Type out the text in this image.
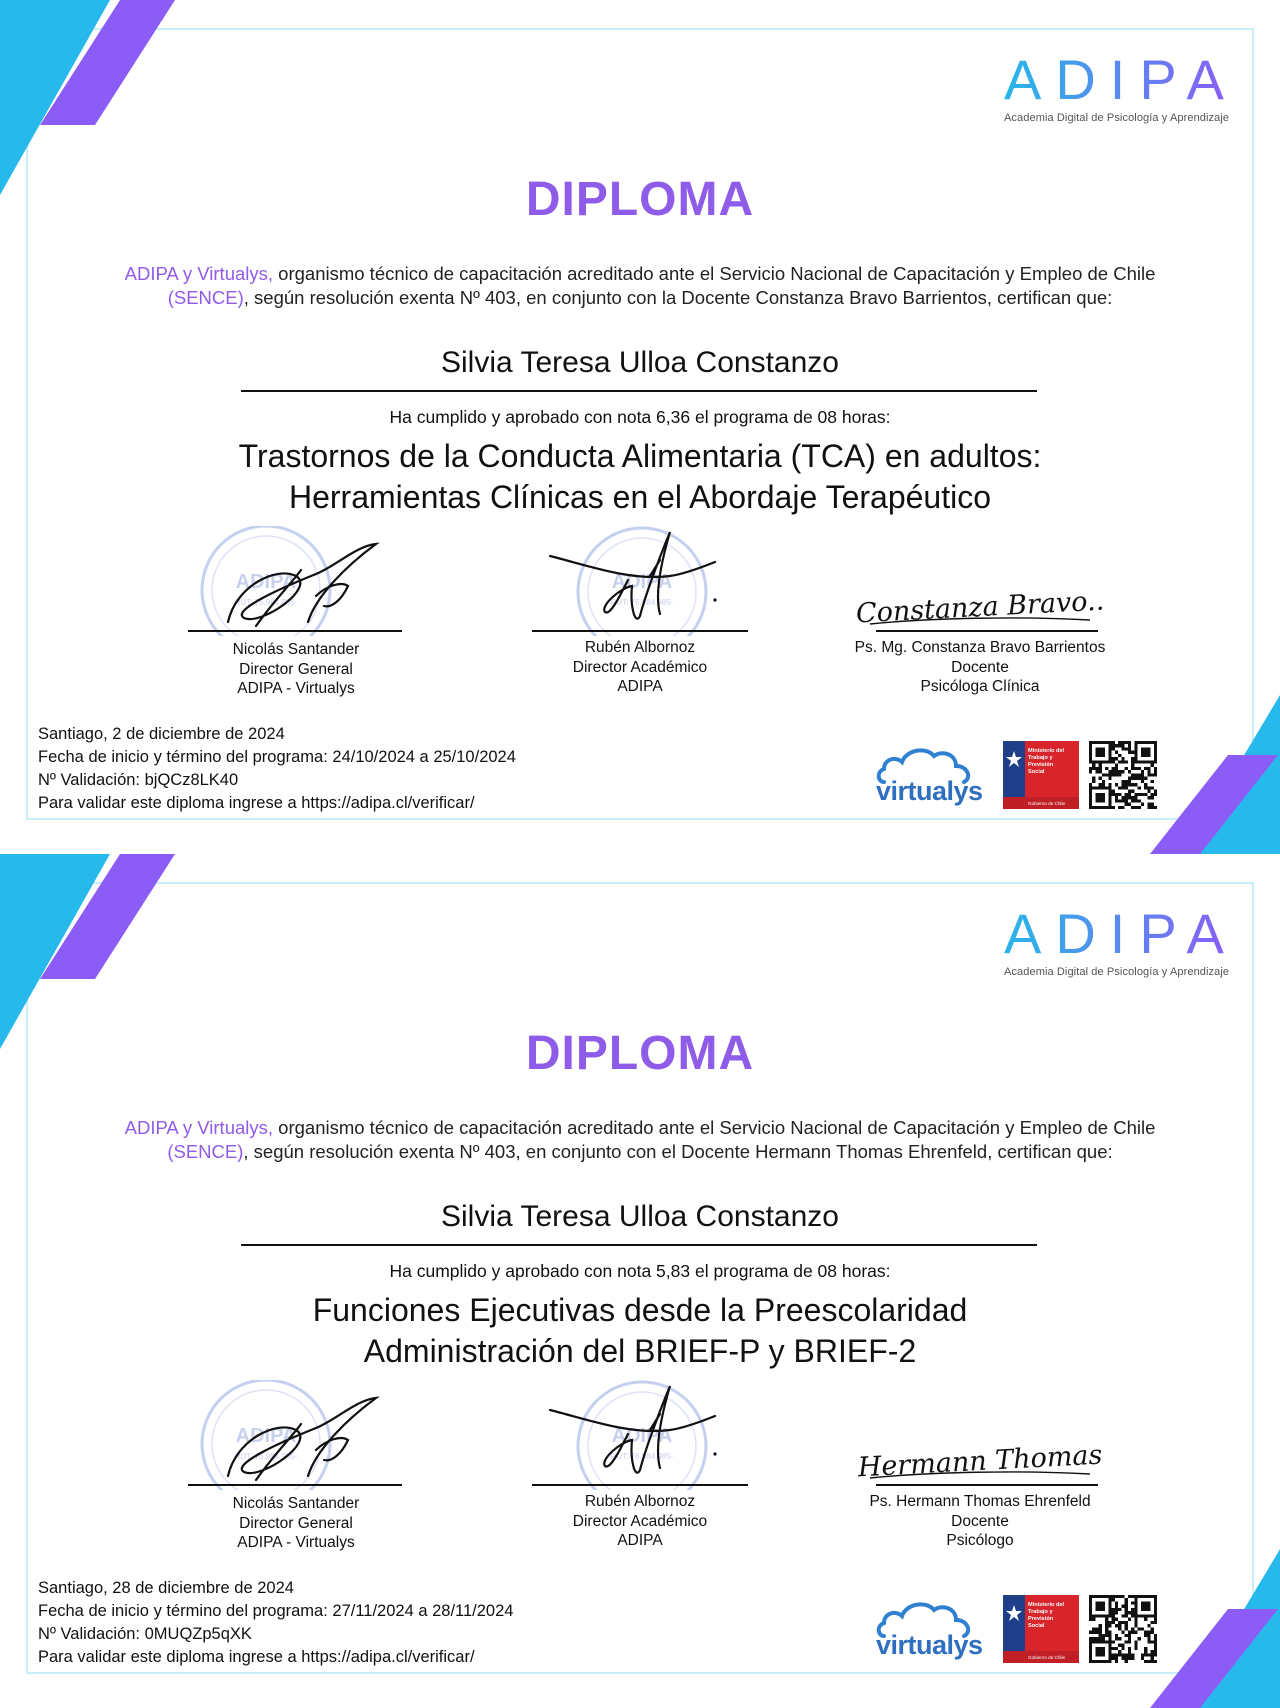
ADIPA
Academia Digital de Psicología y Aprendizaje
DIPLOMA
ADIPA y Virtualys, organismo técnico de capacitación acreditado ante el Servicio Nacional de Capacitación y Empleo de Chile (SENCE), según resolución exenta Nº 403, en conjunto con la Docente Constanza Bravo Barrientos, certifican que:
Silvia Teresa Ulloa Constanzo
Ha cumplido y aprobado con nota 6,36 el programa de 08 horas:
Trastornos de la Conducta Alimentaria (TCA) en adultos:
Herramientas Clínicas en el Abordaje Terapéutico
ADIPA
RUT: 76.984.985-
Nicolás Santander
Director General
ADIPA - Virtualys
ADIPA
RUT: 76.984.985-
Rubén Albornoz
Director Académico
ADIPA
Constanza Bravo..
Ps. Mg. Constanza Bravo Barrientos
Docente
Psicóloga Clínica
Santiago, 2 de diciembre de 2024
Fecha de inicio y término del programa: 24/10/2024 a 25/10/2024
Nº Validación: bjQCz8LK40
Para validar este diploma ingrese a https://adipa.cl/verificar/	virtualys
Ministerio del
Trabajo y
Previsión
Social
Gobierno de Chile
ADIPA
Academia Digital de Psicología y Aprendizaje
DIPLOMA
ADIPA y Virtualys, organismo técnico de capacitación acreditado ante el Servicio Nacional de Capacitación y Empleo de Chile (SENCE), según resolución exenta Nº 403, en conjunto con el Docente Hermann Thomas Ehrenfeld, certifican que:
Silvia Teresa Ulloa Constanzo
Ha cumplido y aprobado con nota 5,83 el programa de 08 horas:
Funciones Ejecutivas desde la Preescolaridad
Administración del BRIEF-P y BRIEF-2
ADIPA
RUT: 76.984.985-
Nicolás Santander
Director General
ADIPA - Virtualys
ADIPA
RUT: 76.984.985-
Rubén Albornoz
Director Académico
ADIPA
Hermann Thomas
Ps. Hermann Thomas Ehrenfeld
Docente
Psicólogo
Santiago, 28 de diciembre de 2024
Fecha de inicio y término del programa: 27/11/2024 a 28/11/2024
Nº Validación: 0MUQZp5qXK
Para validar este diploma ingrese a https://adipa.cl/verificar/	virtualys
Ministerio del
Trabajo y
Previsión
Social
Gobierno de Chile
